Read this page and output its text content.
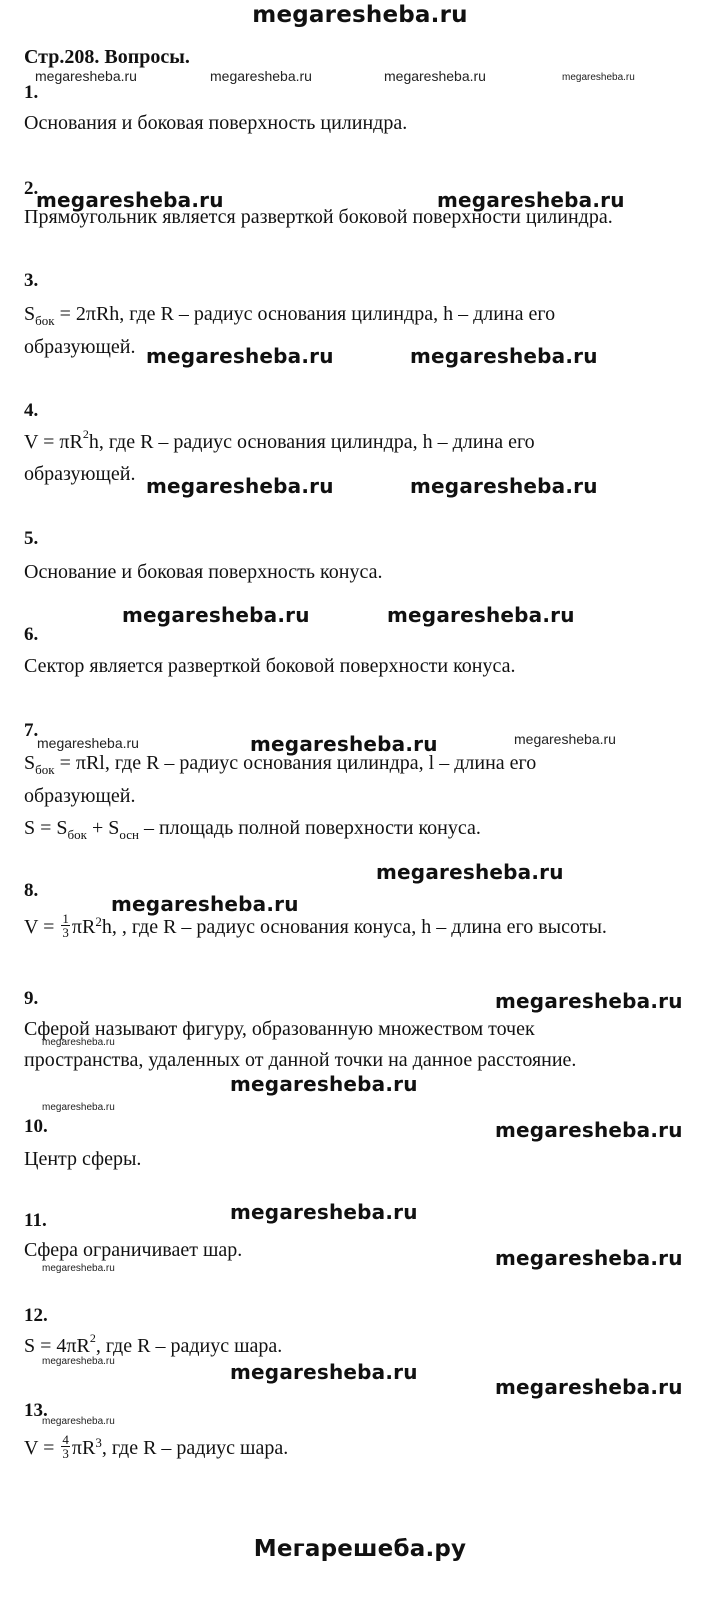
megaresheba.ru
Стр.208. Вопросы.
megaresheba.ru	megaresheba.ru	megaresheba.ru	megaresheba.ru
1.
Основания и боковая поверхность цилиндра.
2.
megaresheba.ru	megaresheba.ru
Прямоугольник является разверткой боковой поверхности цилиндра.
3.
$S_{бок} = 2\pi Rh$, где R – радиус основания цилиндра, h – длина его
образующей. megaresheba.ru	megaresheba.ru
4.
$V = \pi R^2h$, где R – радиус основания цилиндра, h – длина его
образующей. megaresheba.ru	megaresheba.ru
5.
Основание и боковая поверхность конуса.
megaresheba.ru	megaresheba.ru
6.
Сектор является разверткой боковой поверхности конуса.
7.
megaresheba.ru	megaresheba.ru	megaresheba.ru
$S_{бок} = \pi Rl$, где R – радиус основания цилиндра, l – длина его
образующей.
$S = S_{бок} + S_{осн}$ – площадь полной поверхности конуса.
megaresheba.ru
8.
megaresheba.ru
$V = \frac{1}{3} \pi R^2h$, , где R – радиус основания конуса, h – длина его высоты.
9.	megaresheba.ru
Сферой называют фигуру, образованную множеством точек
megaresheba.ru
пространства, удаленных от данной точки на данное расстояние.
megaresheba.ru
megaresheba.ru
10.	megaresheba.ru
Центр сферы.
megaresheba.ru
11.
Сфера ограничивает шар.	megaresheba.ru
megaresheba.ru
12.
$S = 4\pi R^2$, где R – радиус шара.
megaresheba.ru	megaresheba.ru
megaresheba.ru
13.
megaresheba.ru
$V = \frac{4}{3} \pi R^3$, где R – радиус шара.
Мегарешеба.ру
